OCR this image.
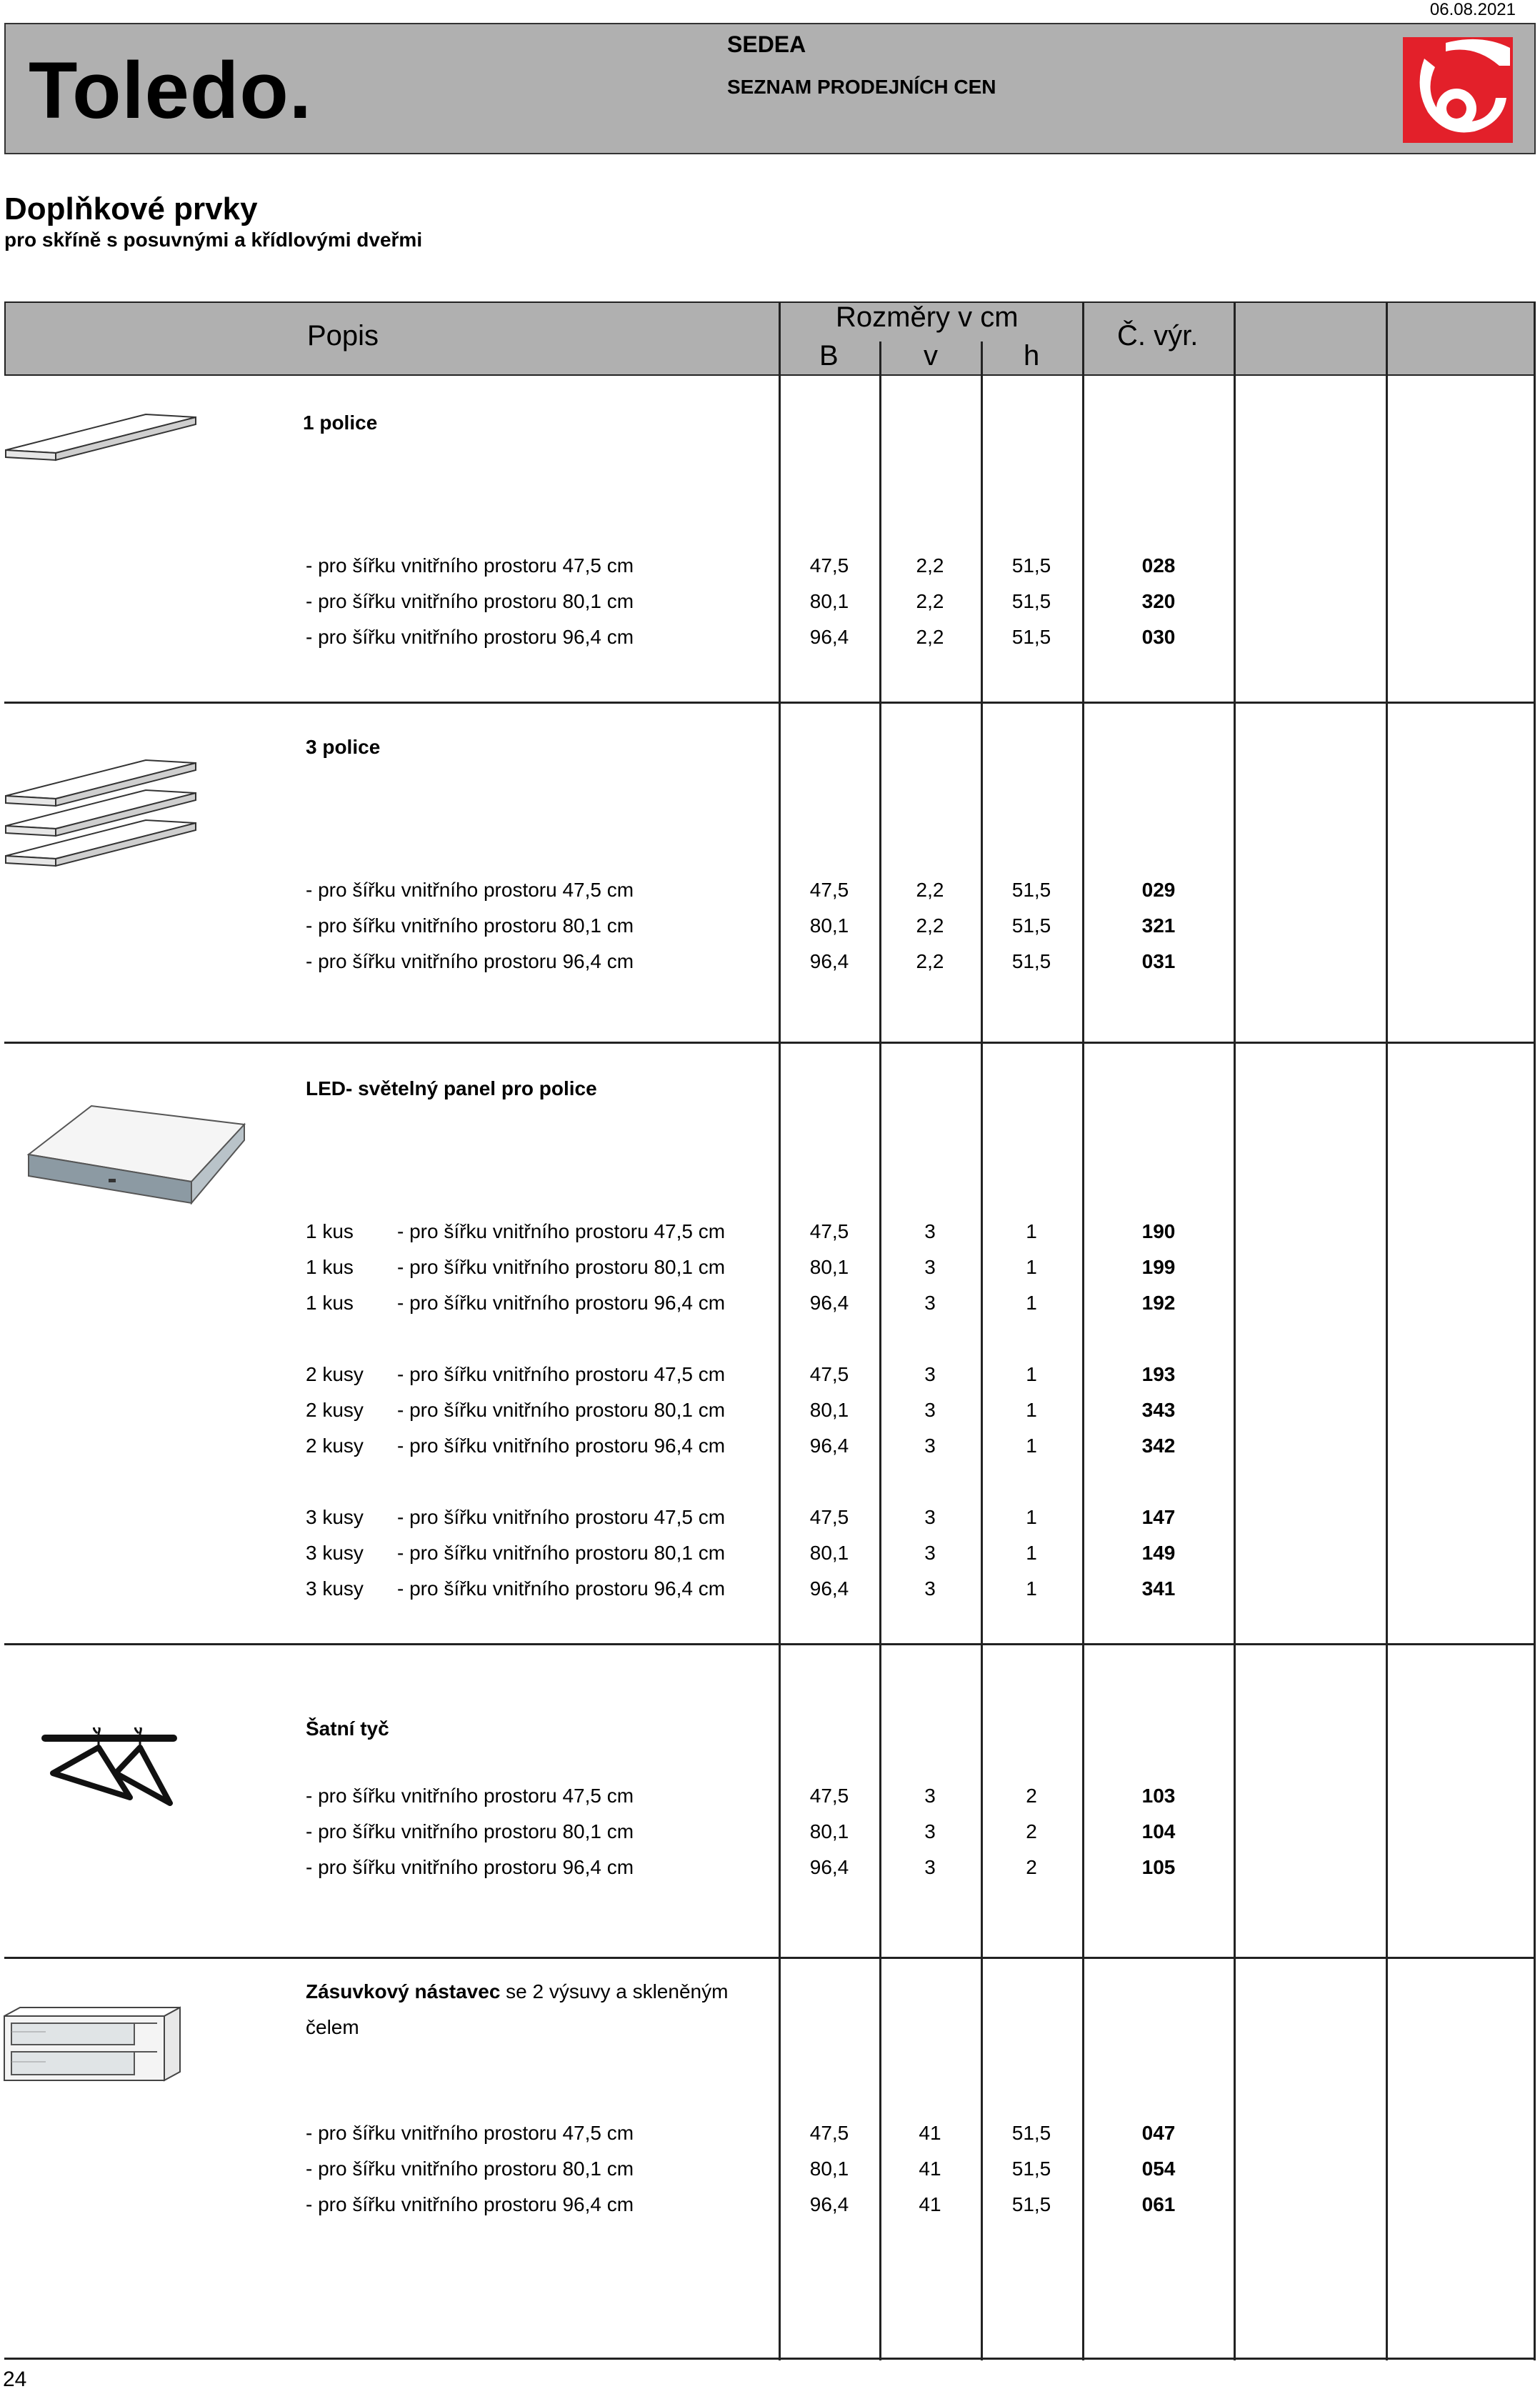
06.08.2021
Toledo.
SEDEA
SEZNAM PRODEJNÍCH CEN
Doplňkové prvky
pro skříně s posuvnými a křídlovými dveřmi
Popis
Rozměry v cm
B	v	h
Č. výr.
1 police
- pro šířku vnitřního prostoru 47,5 cm	47,5	2,2	51,5	028
- pro šířku vnitřního prostoru 80,1 cm	80,1	2,2	51,5	320
- pro šířku vnitřního prostoru 96,4 cm	96,4	2,2	51,5	030
3 police
- pro šířku vnitřního prostoru 47,5 cm	47,5	2,2	51,5	029
- pro šířku vnitřního prostoru 80,1 cm	80,1	2,2	51,5	321
- pro šířku vnitřního prostoru 96,4 cm	96,4	2,2	51,5	031
LED- světelný panel pro police
1 kus - pro šířku vnitřního prostoru 47,5 cm	47,5	3	1	190
1 kus - pro šířku vnitřního prostoru 80,1 cm	80,1	3	1	199
1 kus - pro šířku vnitřního prostoru 96,4 cm	96,4	3	1	192
2 kusy - pro šířku vnitřního prostoru 47,5 cm	47,5	3	1	193
2 kusy - pro šířku vnitřního prostoru 80,1 cm	80,1	3	1	343
2 kusy - pro šířku vnitřního prostoru 96,4 cm	96,4	3	1	342
3 kusy - pro šířku vnitřního prostoru 47,5 cm	47,5	3	1	147
3 kusy - pro šířku vnitřního prostoru 80,1 cm	80,1	3	1	149
3 kusy - pro šířku vnitřního prostoru 96,4 cm	96,4	3	1	341
Šatní tyč
- pro šířku vnitřního prostoru 47,5 cm	47,5	3	2	103
- pro šířku vnitřního prostoru 80,1 cm	80,1	3	2	104
- pro šířku vnitřního prostoru 96,4 cm	96,4	3	2	105
Zásuvkový nástavec se 2 výsuvy a skleněným
čelem
- pro šířku vnitřního prostoru 47,5 cm	47,5	41	51,5	047
- pro šířku vnitřního prostoru 80,1 cm	80,1	41	51,5	054
- pro šířku vnitřního prostoru 96,4 cm	96,4	41	51,5	061
24
